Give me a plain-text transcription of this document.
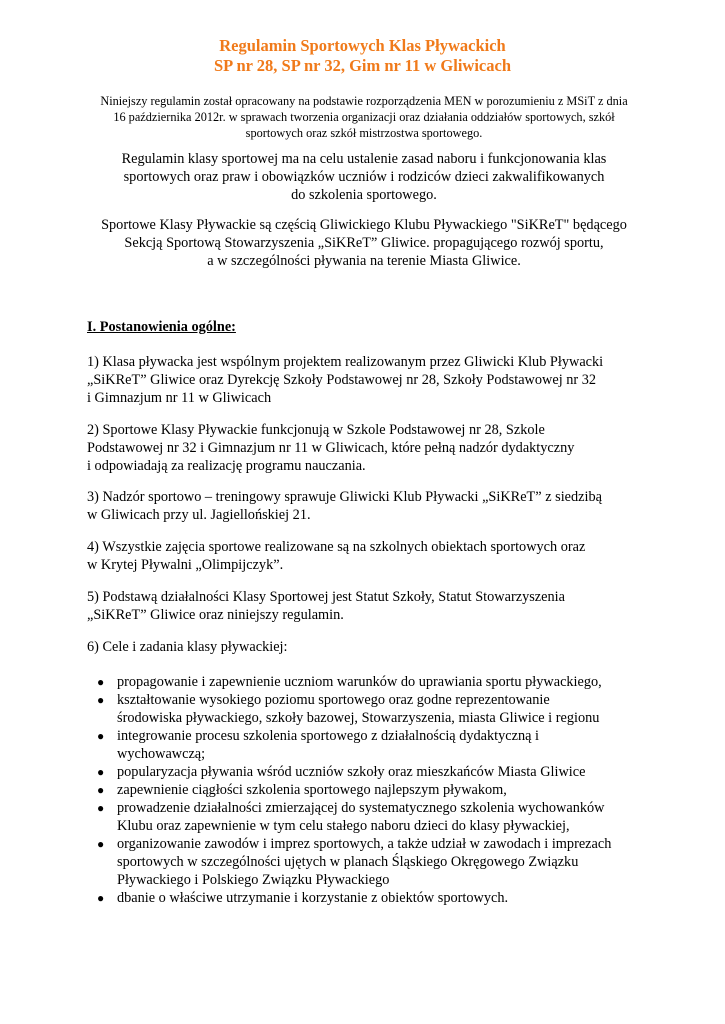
Regulamin Sportowych Klas Pływackich
SP nr 28, SP nr 32, Gim nr 11 w Gliwicach
Niniejszy regulamin został opracowany na podstawie rozporządzenia MEN w porozumieniu z MSiT z dnia
16 października 2012r. w sprawach tworzenia organizacji oraz działania oddziałów sportowych, szkół
sportowych oraz szkół mistrzostwa sportowego.
Regulamin klasy sportowej ma na celu ustalenie zasad naboru i funkcjonowania klas
sportowych oraz praw i obowiązków uczniów i rodziców dzieci zakwalifikowanych
do szkolenia sportowego.
Sportowe Klasy Pływackie są częścią Gliwickiego Klubu Pływackiego "SiKReT" będącego
Sekcją Sportową Stowarzyszenia „SiKReT” Gliwice. propagującego rozwój sportu,
a w szczególności pływania na terenie Miasta Gliwice.
I. Postanowienia ogólne:
1) Klasa pływacka jest wspólnym projektem realizowanym przez Gliwicki Klub Pływacki
„SiKReT” Gliwice oraz Dyrekcję Szkoły Podstawowej nr 28, Szkoły Podstawowej nr 32
i Gimnazjum nr 11 w Gliwicach
2) Sportowe Klasy Pływackie funkcjonują w Szkole Podstawowej nr 28, Szkole
Podstawowej nr 32 i Gimnazjum nr 11 w Gliwicach, które pełną nadzór dydaktyczny
i odpowiadają za realizację programu nauczania.
3) Nadzór sportowo – treningowy sprawuje Gliwicki Klub Pływacki „SiKReT” z siedzibą
w Gliwicach przy ul. Jagiellońskiej 21.
4) Wszystkie zajęcia sportowe realizowane są na szkolnych obiektach sportowych oraz
w Krytej Pływalni „Olimpijczyk”.
5) Podstawą działalności Klasy Sportowej jest Statut Szkoły, Statut Stowarzyszenia
„SiKReT” Gliwice oraz niniejszy regulamin.
6) Cele i zadania klasy pływackiej:
● propagowanie i zapewnienie uczniom warunków do uprawiania sportu pływackiego,
● kształtowanie wysokiego poziomu sportowego oraz godne reprezentowanie
środowiska pływackiego, szkoły bazowej, Stowarzyszenia, miasta Gliwice i regionu
● integrowanie procesu szkolenia sportowego z działalnością dydaktyczną i
wychowawczą;
● popularyzacja pływania wśród uczniów szkoły oraz mieszkańców Miasta Gliwice
● zapewnienie ciągłości szkolenia sportowego najlepszym pływakom,
● prowadzenie działalności zmierzającej do systematycznego szkolenia wychowanków
Klubu oraz zapewnienie w tym celu stałego naboru dzieci do klasy pływackiej,
● organizowanie zawodów i imprez sportowych, a także udział w zawodach i imprezach
sportowych w szczególności ujętych w planach Śląskiego Okręgowego Związku
Pływackiego i Polskiego Związku Pływackiego
● dbanie o właściwe utrzymanie i korzystanie z obiektów sportowych.
